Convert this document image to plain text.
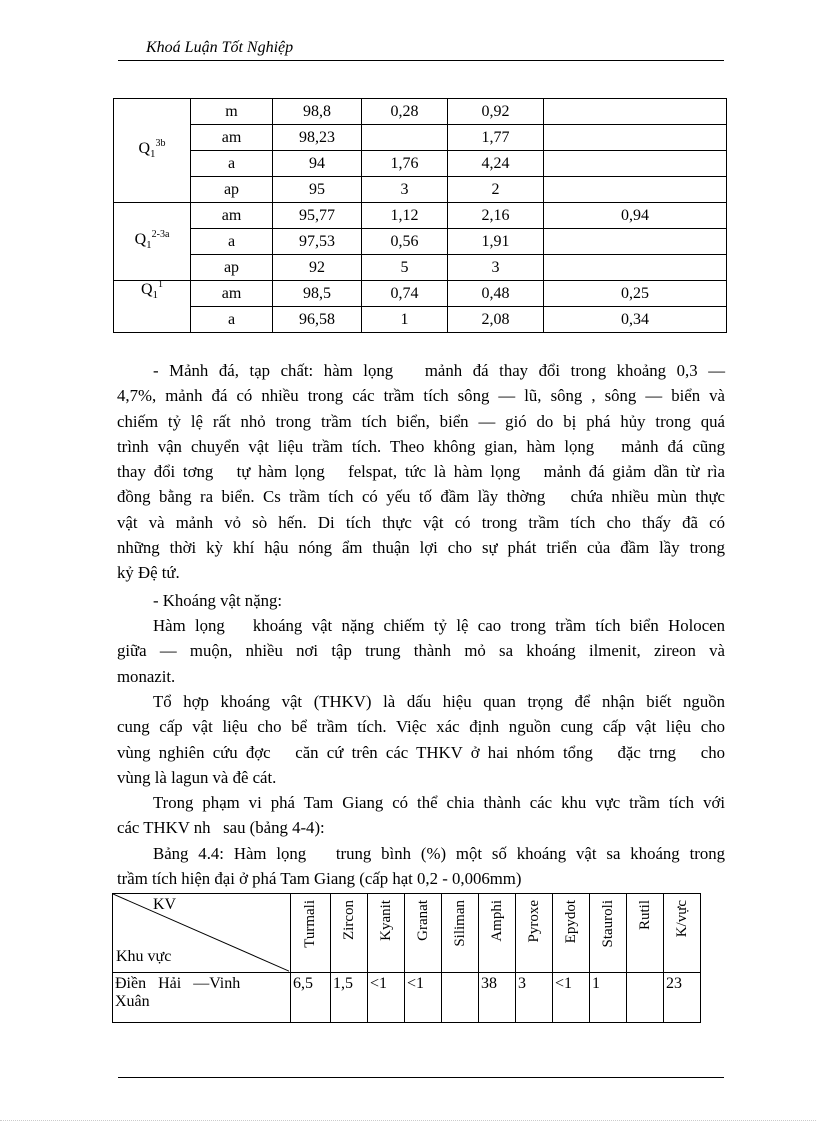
Khoá Luận Tốt Nghiệp
$Q_1^{3b}$	m	98,8	0,28	0,92	
	am	98,23		1,77	
	a	94	1,76	4,24	
	ap	95	3	2	
$Q_1^{2-3a}$	am	95,77	1,12	2,16	0,94
	a	97,53	0,56	1,91	
	ap	92	5	3	
$Q_1^1$	am	98,5	0,74	0,48	0,25
	a	96,58	1	2,08	0,34
- Mảnh đá, tạp chất: hàm lọng   mảnh đá thay đổi trong khoảng 0,3 —
4,7%, mảnh đá có nhiều trong các trầm tích sông — lũ, sông , sông — biển và
chiếm tỷ lệ rất nhỏ trong trầm tích biển, biển — gió do bị phá hủy trong quá
trình vận chuyển vật liệu trầm tích. Theo không gian, hàm lọng   mảnh đá cũng
thay đổi tơng   tự hàm lọng   felspat, tức là hàm lọng   mảnh đá giảm dần từ rìa
đồng bằng ra biển. Cs trầm tích có yếu tố đầm lầy thờng   chứa nhiều mùn thực
vật và mảnh vỏ sò hến. Di tích thực vật có trong trầm tích cho thấy đã có
những thời kỳ khí hậu nóng ẩm thuận lợi cho sự phát triển của đầm lầy trong
kỷ Đệ tứ.
- Khoáng vật nặng:
Hàm lọng   khoáng vật nặng chiếm tỷ lệ cao trong trầm tích biển Holocen
giữa — muộn, nhiều nơi tập trung thành mỏ sa khoáng ilmenit, zireon và
monazit.
Tổ hợp khoáng vật (THKV) là dấu hiệu quan trọng để nhận biết nguồn
cung cấp vật liệu cho bể trầm tích. Việc xác định nguồn cung cấp vật liệu cho
vùng nghiên cứu đợc   căn cứ trên các THKV ở hai nhóm tổng   đặc trng   cho
vùng là lagun và đê cát.
Trong phạm vi phá Tam Giang có thể chia thành các khu vực trầm tích với
các THKV nh   sau (bảng 4-4):
Bảng 4.4: Hàm lọng   trung bình (%) một số khoáng vật sa khoáng trong
trầm tích hiện đại ở phá Tam Giang (cấp hạt 0,2 - 0,006mm)
KV
Khu vực	Turmali	Zircon	Kyanit	Granat	Siliman	Amphi	Pyroxe	Epydot	Stauroli	Rutil	K/vực

Điền   Hải   —Vinh
Xuân	6,5	1,5	<1	<1		38	3	<1	1		23
